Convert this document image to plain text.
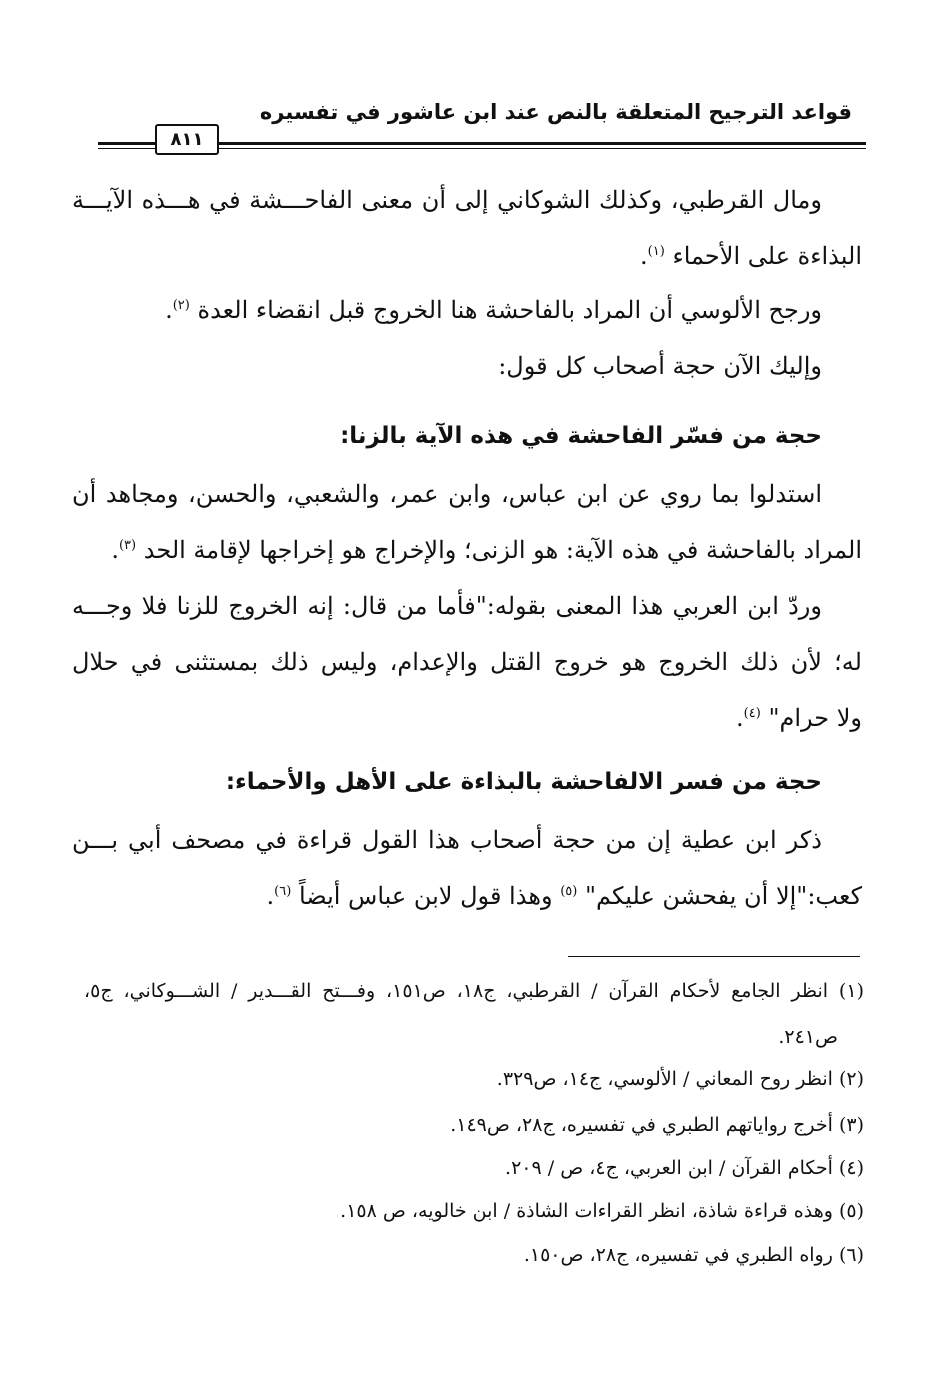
قواعد الترجيح المتعلقة بالنص عند ابن عاشور في تفسيره
٨١١
ومال القرطبي، وكذلك الشوكاني إلى أن معنى الفاحـــشة في هـــذه الآيـــة
البذاءة على الأحماء $^{(١)}$.
ورجح الألوسي أن المراد بالفاحشة هنا الخروج قبل انقضاء العدة $^{(٢)}$.
وإليك الآن حجة أصحاب كل قول:
حجة من فسّر الفاحشة في هذه الآية بالزنا:
استدلوا بما روي عن ابن عباس، وابن عمر، والشعبي، والحسن، ومجاهد أن
المراد بالفاحشة في هذه الآية: هو الزنى؛ والإخراج هو إخراجها لإقامة الحد $^{(٣)}$.
وردّ ابن العربي هذا المعنى بقوله:"فأما من قال: إنه الخروج للزنا فلا وجـــه
له؛ لأن ذلك الخروج هو خروج القتل والإعدام، وليس ذلك بمستثنى في حلال
ولا حرام" $^{(٤)}$.
حجة من فسر اﻻلفاحشة بالبذاءة على الأهل والأحماء:
ذكر ابن عطية إن من حجة أصحاب هذا القول قراءة في مصحف أبي بـــن
كعب:"إلا أن يفحشن عليكم" $^{(٥)}$ وهذا قول لابن عباس أيضاً $^{(٦)}$.
(١) انظر الجامع لأحكام القرآن / القرطبي، ج١٨، ص١٥١، وفـــتح القـــدير / الشـــوكاني، ج٥،
ص٢٤١.
(٢) انظر روح المعاني / الألوسي، ج١٤، ص٣٢٩.
(٣) أخرج رواياتهم الطبري في تفسيره، ج٢٨، ص١٤٩.
(٤) أحكام القرآن / ابن العربي، ج٤، ص / ٢٠٩.
(٥) وهذه قراءة شاذة، انظر القراءات الشاذة / ابن خالويه، ص ١٥٨.
(٦) رواه الطبري في تفسيره، ج٢٨، ص١٥٠.
